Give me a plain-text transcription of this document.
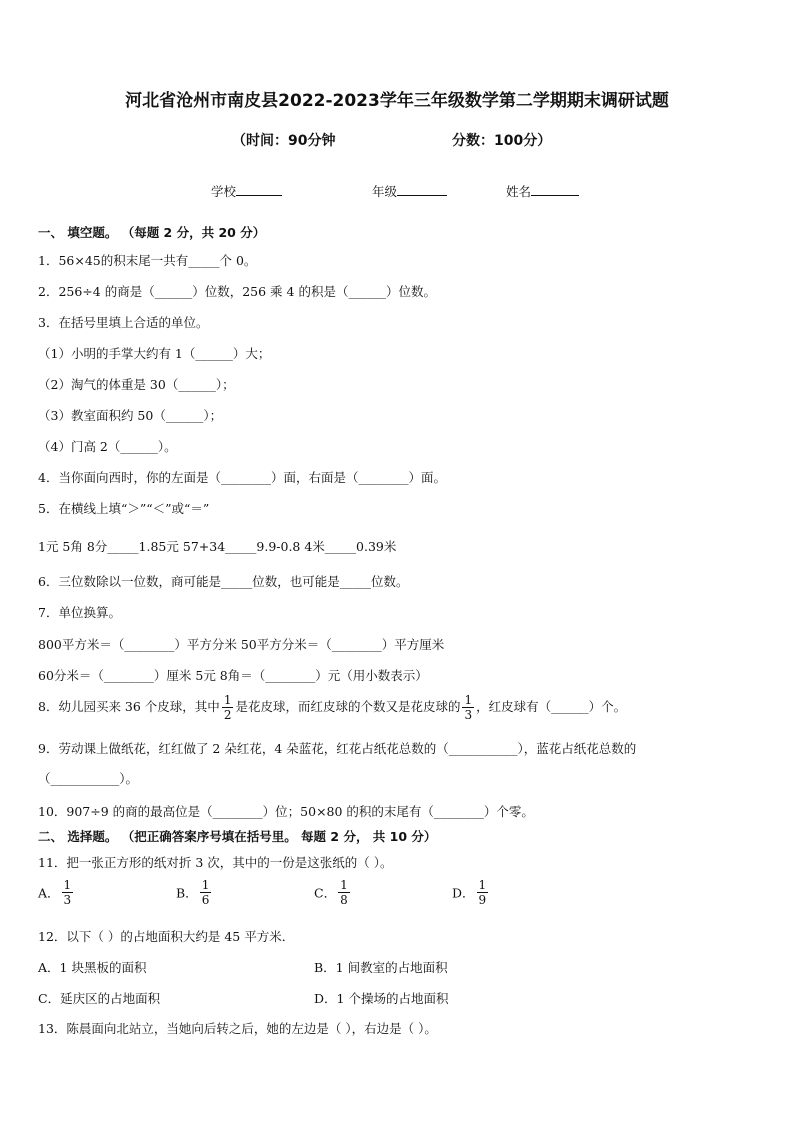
河北省沧州市南皮县2022-2023学年三年级数学第二学期期末调研试题
（时间：90分钟	分数：100分）
学校	年级	姓名
一、 填空题。 （每题 2 分，共 20 分）
1．56×45的积末尾一共有_____个 0。
2．256÷4 的商是（______）位数，256 乘 4 的积是（______）位数。
3．在括号里填上合适的单位。
（1）小明的手掌大约有 1（______）大；
（2）淘气的体重是 30（______）；
（3）教室面积约 50（______）；
（4）门高 2（______）。
4．当你面向西时，你的左面是（________）面，右面是（________）面。
5．在横线上填“＞”“＜”或“＝”
1元 5角 8分_____1.85元 57+34_____9.9-0.8 4米_____0.39米
6．三位数除以一位数，商可能是_____位数，也可能是_____位数。
7．单位换算。
800平方米＝（________）平方分米 50平方分米＝（________）平方厘米
60分米＝（________）厘米 5元 8角＝（________）元（用小数表示）
8．幼儿园买来 36 个皮球，其中 $\frac{1}{2}$ 是花皮球，而红皮球的个数又是花皮球的 $\frac{1}{3}$ ，红皮球有（______）个。
9．劳动课上做纸花，红红做了 2 朵红花，4 朵蓝花，红花占纸花总数的（___________），蓝花占纸花总数的
（___________）。
10．907÷9 的商的最高位是（________）位；50×80 的积的末尾有（________）个零。
二、 选择题。 （把正确答案序号填在括号里。 每题 2 分， 共 10 分）
11．把一张正方形的纸对折 3 次，其中的一份是这张纸的（ ）。
A． $\frac{1}{3}$	B． $\frac{1}{6}$	C． $\frac{1}{8}$	D． $\frac{1}{9}$
12．以下（ ）的占地面积大约是 45 平方米．
A．1 块黑板的面积	B．1 间教室的占地面积
C．延庆区的占地面积	D．1 个操场的占地面积
13．陈晨面向北站立，当她向后转之后，她的左边是（ ），右边是（ ）。
